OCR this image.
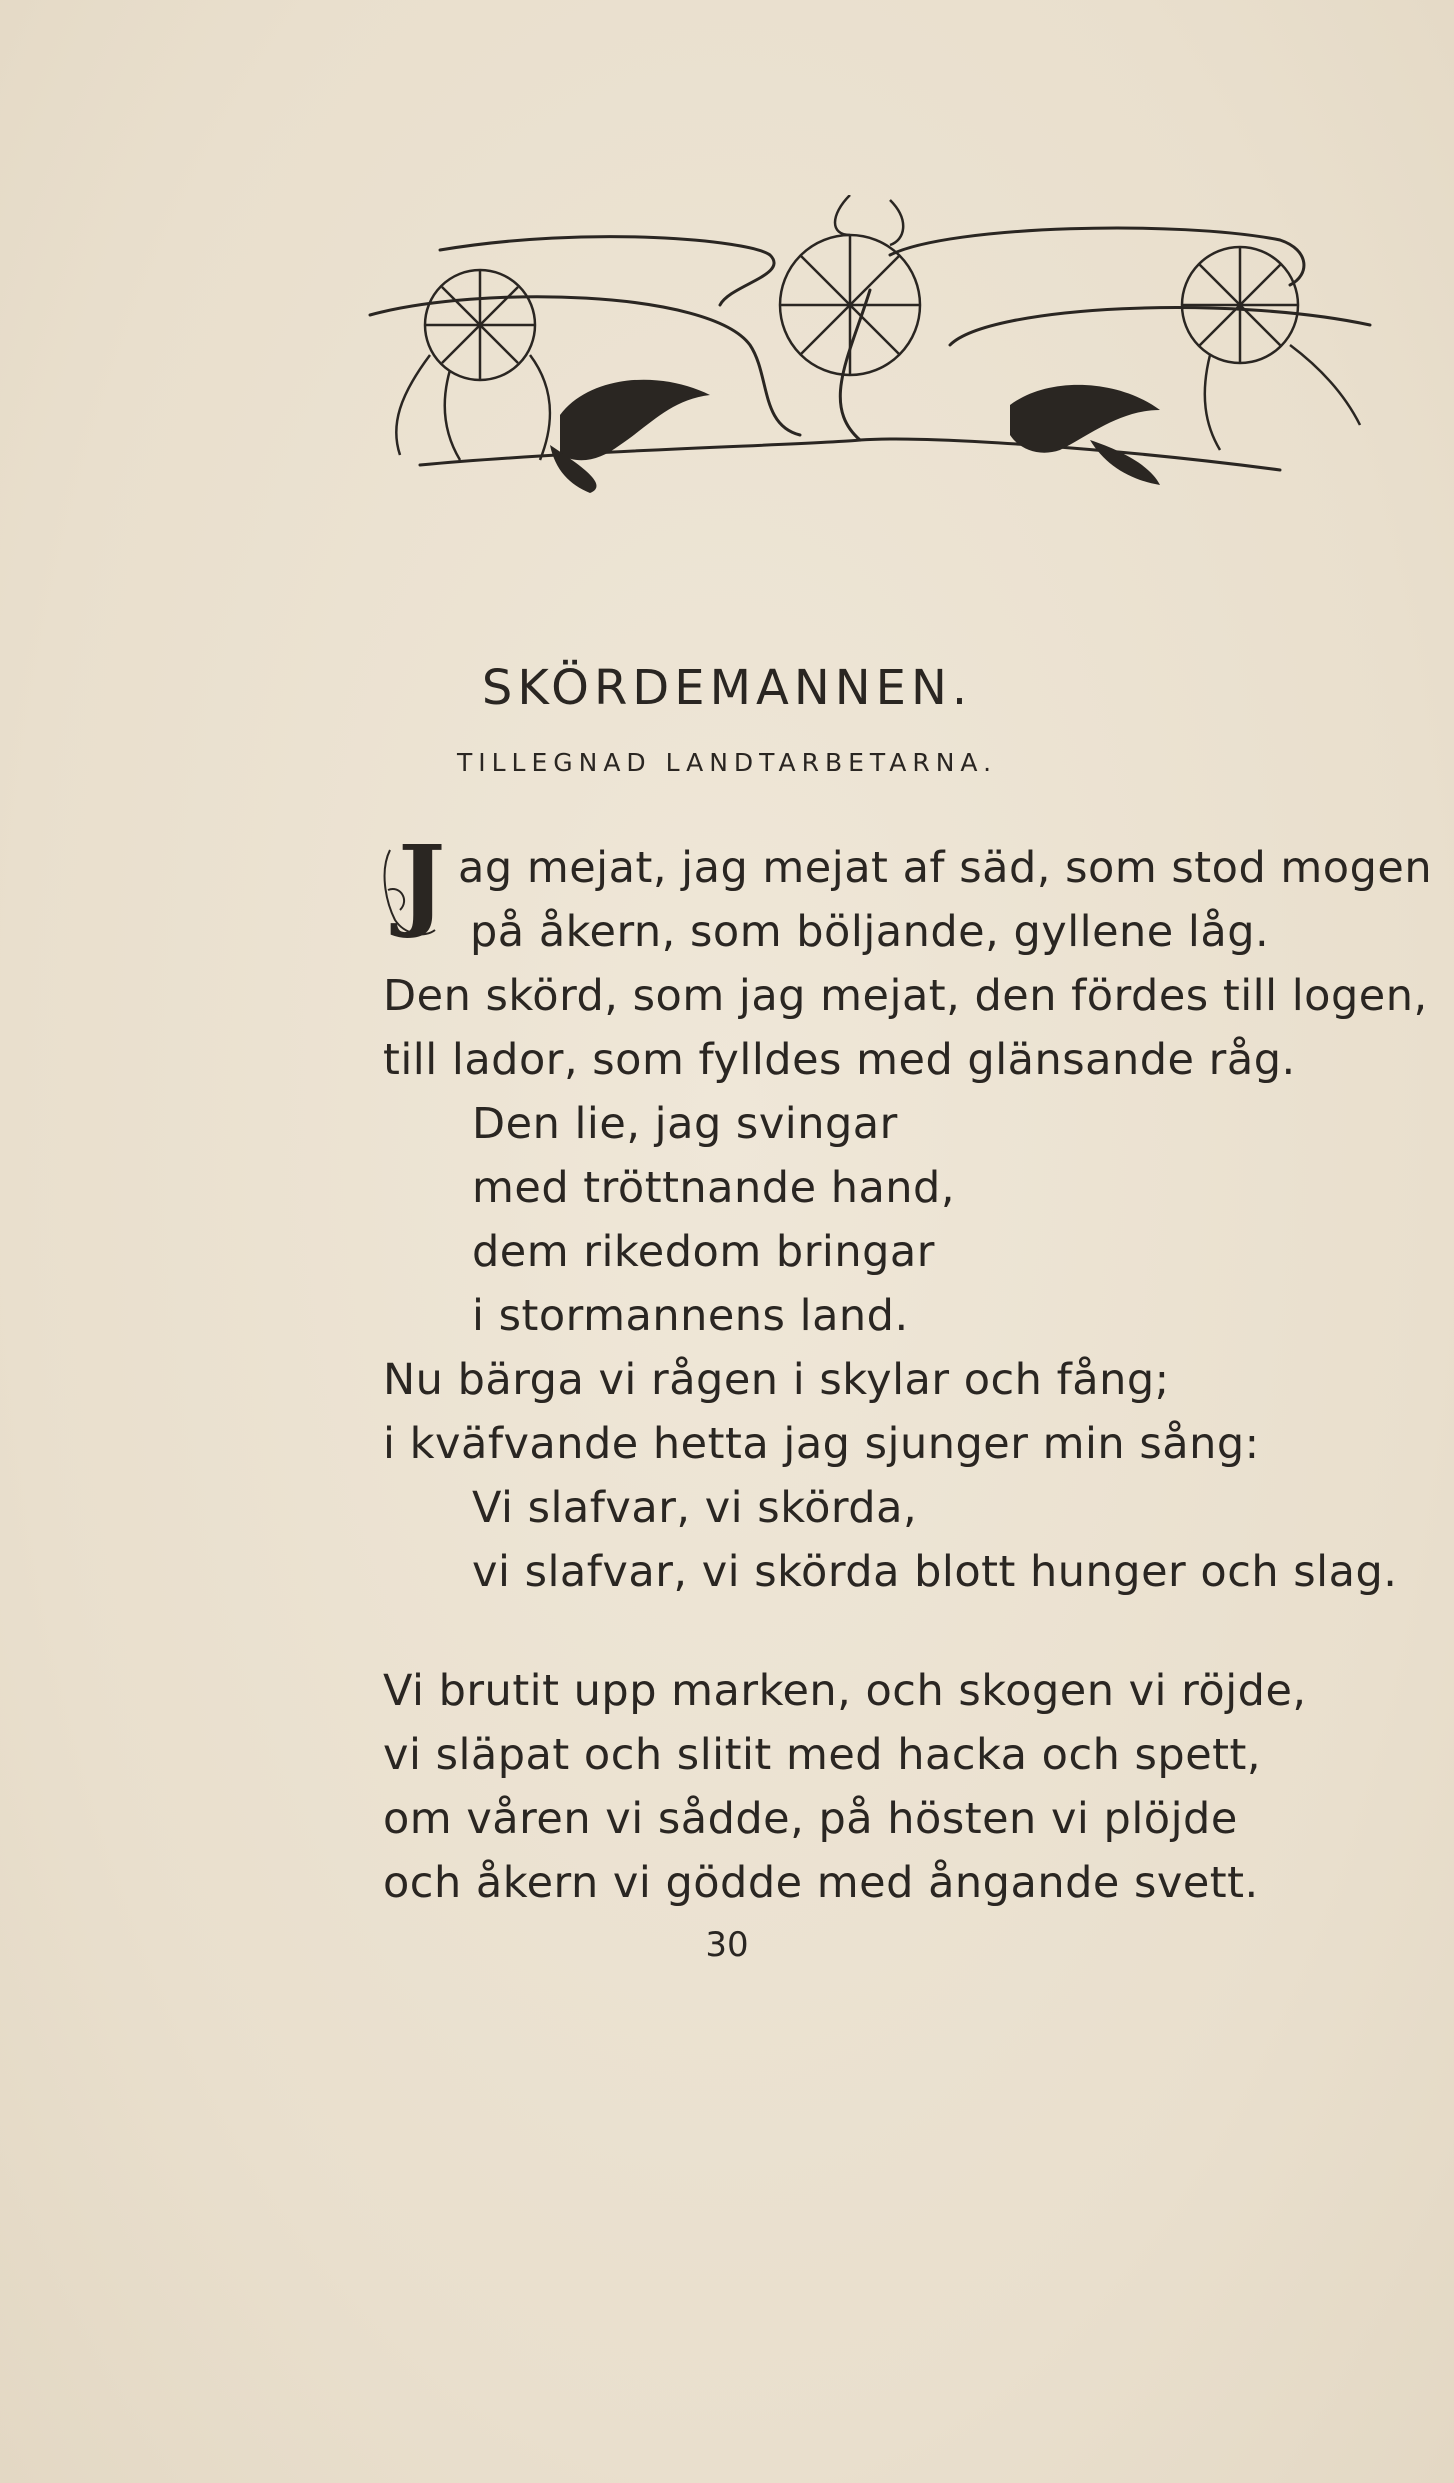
SKÖRDEMANNEN.
TILLEGNAD LANDTARBETARNA.
J ag mejat, jag mejat af säd, som stod mogen
på åkern, som böljande, gyllene låg.
Den skörd, som jag mejat, den fördes till logen,
till lador, som fylldes med glänsande råg.
Den lie, jag svingar
med tröttnande hand,
dem rikedom bringar
i stormannens land.
Nu bärga vi rågen i skylar och fång;
i kväfvande hetta jag sjunger min sång:
Vi slafvar, vi skörda,
vi slafvar, vi skörda blott hunger och slag.
Vi brutit upp marken, och skogen vi röjde,
vi släpat och slitit med hacka och spett,
om våren vi sådde, på hösten vi plöjde
och åkern vi gödde med ångande svett.
30
